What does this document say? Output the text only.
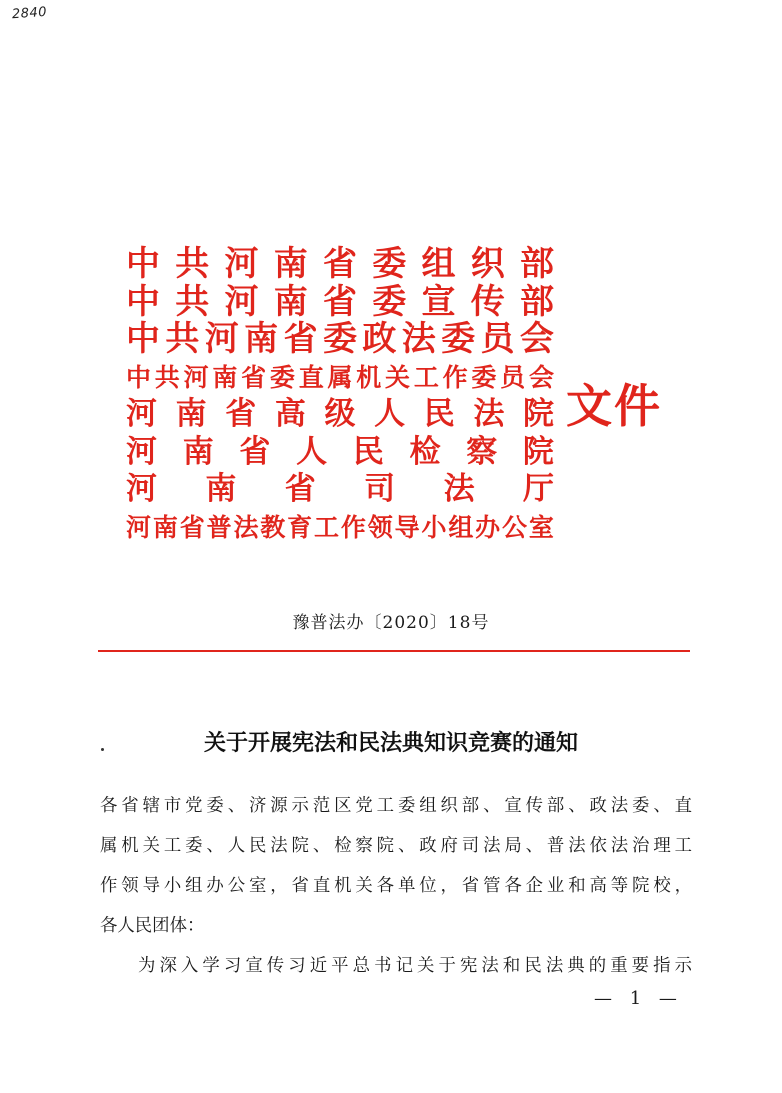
2840
中 共 河 南 省 委 组 织 部
中 共 河 南 省 委 宣 传 部
中 共 河 南 省 委 政 法 委 员 会
中 共 河 南 省 委 直 属 机 关 工 作 委 员 会
河 南 省 高 级 人 民 法 院
河 南 省 人 民 检 察 院
河 南 省 司 法 厅
河 南 省 普 法 教 育 工 作 领 导 小 组 办 公 室
文件
豫普法办〔2020〕18号
关于开展宪法和民法典知识竞赛的通知
各省辖市党委、济源示范区党工委组织部、宣传部、政法委、直
属机关工委、人民法院、检察院、政府司法局、普法依法治理工
作领导小组办公室，省直机关各单位，省管各企业和高等院校，
各人民团体：
为深入学习宣传习近平总书记关于宪法和民法典的重要指示
— 1 —
